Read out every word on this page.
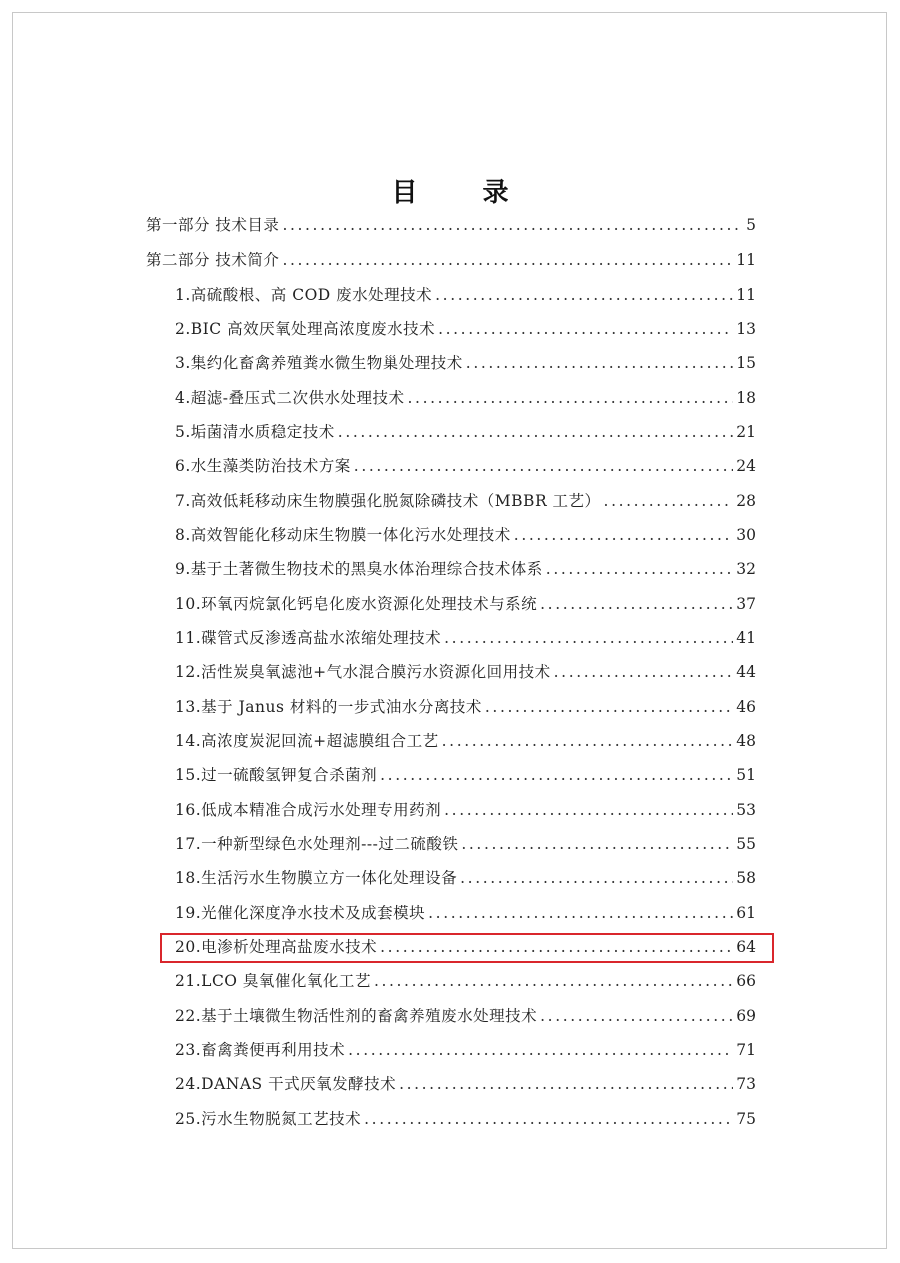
目 录
第一部分 技术目录 .....	5
第二部分 技术简介 .....	11
1.高硫酸根、高 COD 废水处理技术 .....	11
2.BIC 高效厌氧处理高浓度废水技术 .....	13
3.集约化畜禽养殖粪水微生物巢处理技术 .....	15
4.超滤-叠压式二次供水处理技术 .....	18
5.垢菌清水质稳定技术 .....	21
6.水生藻类防治技术方案 .....	24
7.高效低耗移动床生物膜强化脱氮除磷技术（MBBR 工艺） .....	28
8.高效智能化移动床生物膜一体化污水处理技术 .....	30
9.基于土著微生物技术的黑臭水体治理综合技术体系 .....	32
10.环氧丙烷氯化钙皂化废水资源化处理技术与系统 .....	37
11.碟管式反渗透高盐水浓缩处理技术 .....	41
12.活性炭臭氧滤池+气水混合膜污水资源化回用技术 .....	44
13.基于 Janus 材料的一步式油水分离技术 .....	46
14.高浓度炭泥回流+超滤膜组合工艺 .....	48
15.过一硫酸氢钾复合杀菌剂 .....	51
16.低成本精准合成污水处理专用药剂 .....	53
17.一种新型绿色水处理剂---过二硫酸铁 .....	55
18.生活污水生物膜立方一体化处理设备 .....	58
19.光催化深度净水技术及成套模块 .....	61
20.电渗析处理高盐废水技术 .....	64
21.LCO 臭氧催化氧化工艺 .....	66
22.基于土壤微生物活性剂的畜禽养殖废水处理技术 .....	69
23.畜禽粪便再利用技术 .....	71
24.DANAS 干式厌氧发酵技术 .....	73
25.污水生物脱氮工艺技术 .....	75
